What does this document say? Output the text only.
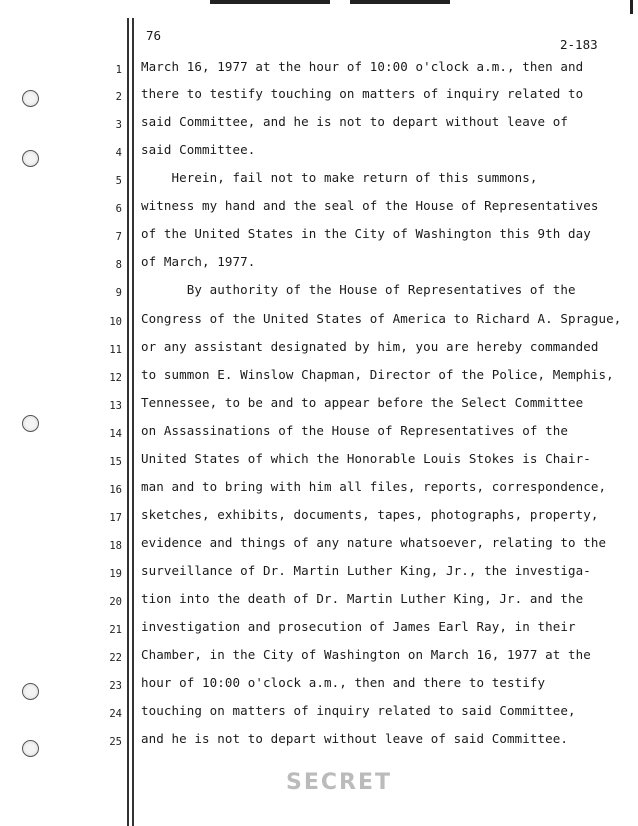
76
2-183
1
2
3
4
5
6
7
8
9
10
11
12
13
14
15
16
17
18
19
20
21
22
23
24
25
March 16, 1977 at the hour of 10:00 o'clock a.m., then and
there to testify touching on matters of inquiry related to
said Committee, and he is not to depart without leave of
said Committee.
Herein, fail not to make return of this summons,
witness my hand and the seal of the House of Representatives
of the United States in the City of Washington this 9th day
of March, 1977.
By authority of the House of Representatives of the
Congress of the United States of America to Richard A. Sprague,
or any assistant designated by him, you are hereby commanded
to summon E. Winslow Chapman, Director of the Police, Memphis,
Tennessee, to be and to appear before the Select Committee
on Assassinations of the House of Representatives of the
United States of which the Honorable Louis Stokes is Chair-
man and to bring with him all files, reports, correspondence,
sketches, exhibits, documents, tapes, photographs, property,
evidence and things of any nature whatsoever, relating to the
surveillance of Dr. Martin Luther King, Jr., the investiga-
tion into the death of Dr. Martin Luther King, Jr. and the
investigation and prosecution of James Earl Ray, in their
Chamber, in the City of Washington on March 16, 1977 at the
hour of 10:00 o'clock a.m., then and there to testify
touching on matters of inquiry related to said Committee,
and he is not to depart without leave of said Committee.
SECRET
